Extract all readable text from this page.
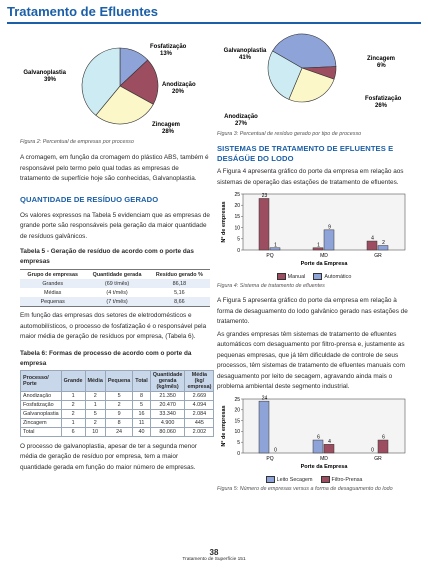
Tratamento de Efluentes
Fosfatização
13%
Anodização
20%
Zincagem
28%
Galvanoplastia
39%
Figura 2: Percentual de empresas por processo
A cromagem, em função da cromagem do plástico ABS, também é responsável pelo termo pelo qual todas as empresas de tratamento de superfície hoje são conhecidas, Galvanoplastia.
QUANTIDADE DE RESÍDUO GERADO
Os valores expressos na Tabela 5 evidenciam que as empresas de grande porte são responsáveis pela geração da maior quantidade de resíduos galvânicos.
Tabela 5 - Geração de resíduo de acordo com o porte das empresas
Grupo de empresas	Quantidade gerada	Resíduo gerado %
Grandes	(69 t/mês)	86,18
Médias	(4 t/mês)	5,16
Pequenas	(7 t/mês)	8,66
Em função das empresas dos setores de eletrodomésticos e automobilísticos, o processo de fosfatização é o responsável pela maior média de geração de resíduos por empresa, (Tabela 6).
Tabela 6: Formas de processo de acordo com o porte da empresa
Processo/ Porte	Grande	Média	Pequena	Total	Quantidade gerada (kg/mês)	Média (kg/ empresa)
Anodização	1	2	5	8	21.350	2.669
Fosfatização	2	1	2	5	20.470	4.094
Galvanoplastia	2	5	9	16	33.340	2.084
Zincagem	1	2	8	11	4.900	445
Total	6	10	24	40	80.060	2.002
O processo de galvanoplastia, apesar de ter a segunda menor média de geração de resíduo por empresa, tem a maior quantidade gerada em função do maior número de empresas.
Galvanoplastia
41%	Zincagem
6%
Fosfatização
26%
Anodização
27%
Figura 3: Percentual de resíduo gerado por tipo de processo
SISTEMAS DE TRATAMENTO DE EFLUENTES E DESÁGÜE DO LODO
A Figura 4 apresenta gráfico do porte da empresa em relação aos sistemas de operação das estações de tratamento de efluentes.
0
5
10
15
20
25	23
1
PQ
1
9
MD
4
2
GR
Porte da Empresa
Nº de empresas
Manual	Automático
Figura 4: Sistema de tratamento de efluentes
A Figura 5 apresenta gráfico do porte da empresa em relação à forma de desaguamento do lodo galvânico gerado nas estações de tratamento.
As grandes empresas têm sistemas de tratamento de efluentes automáticos com desaguamento por filtro-prensa e, justamente as pequenas empresas, que já têm dificuldade de controle de seus processos, têm sistemas de tratamento de efluentes manuais com desaguamento por leito de secagem, agravando ainda mais o problema ambiental deste segmento industrial.
0
5
10
15
20
25	24
0
PQ
6
4
MD
0
6
GR
Porte da Empresa
Nº de empresas
Leito Secagem	Filtro-Prensa
Figura 5: Número de empresas versus a forma de desaguamento do lodo
38
Tratamento de Superfície 151
